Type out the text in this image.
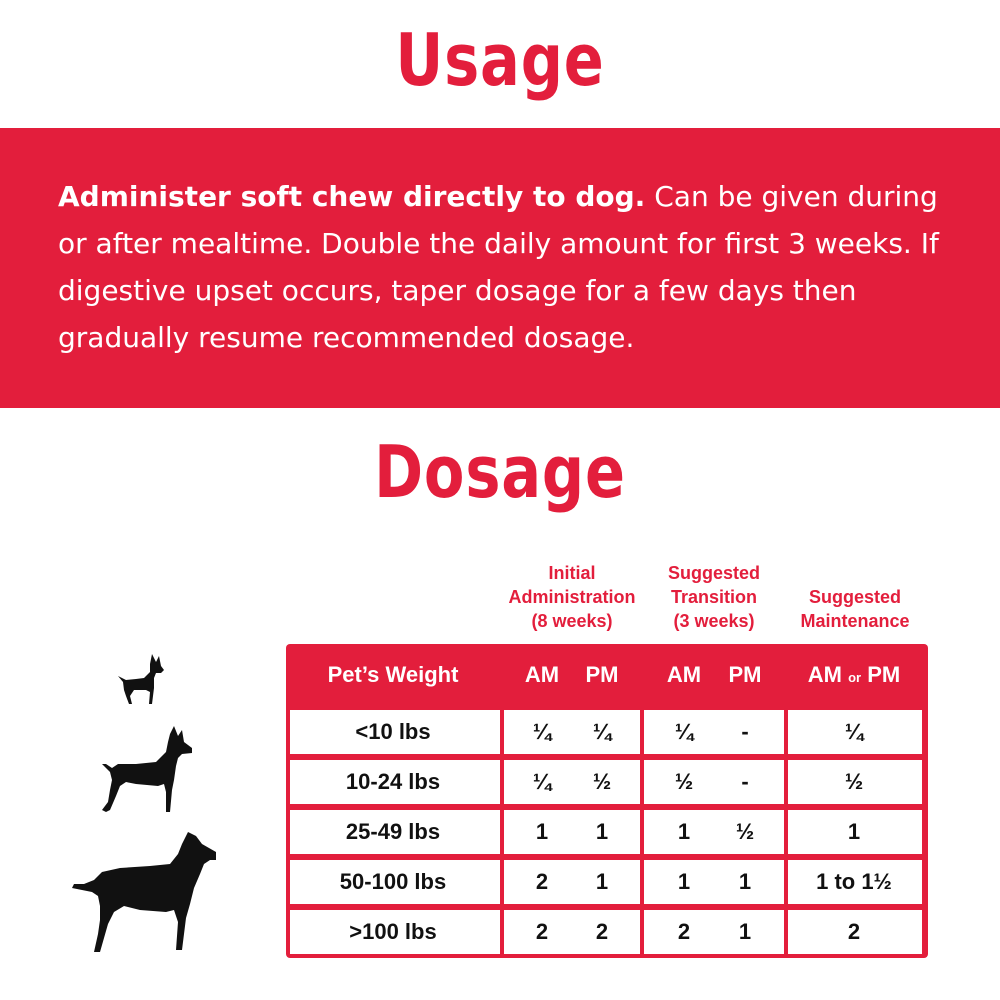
Usage

Administer soft chew directly to dog. Can be given during or after mealtime. Double the daily amount for first 3 weeks. If digestive upset occurs, taper dosage for a few days then gradually resume recommended dosage.

Dosage
Initial
Administration
(8 weeks)
Suggested
Transition
(3 weeks)
Suggested
Maintenance
Pet’s Weight	AM	PM	AM	PM	AM or PM
<10 lbs	¼	¼	¼	-	¼
10-24 lbs	¼	½	½	-	½
25-49 lbs	1	1	1	½	1
50-100 lbs	2	1	1	1	1 to 1½
>100 lbs	2	2	2	1	2
